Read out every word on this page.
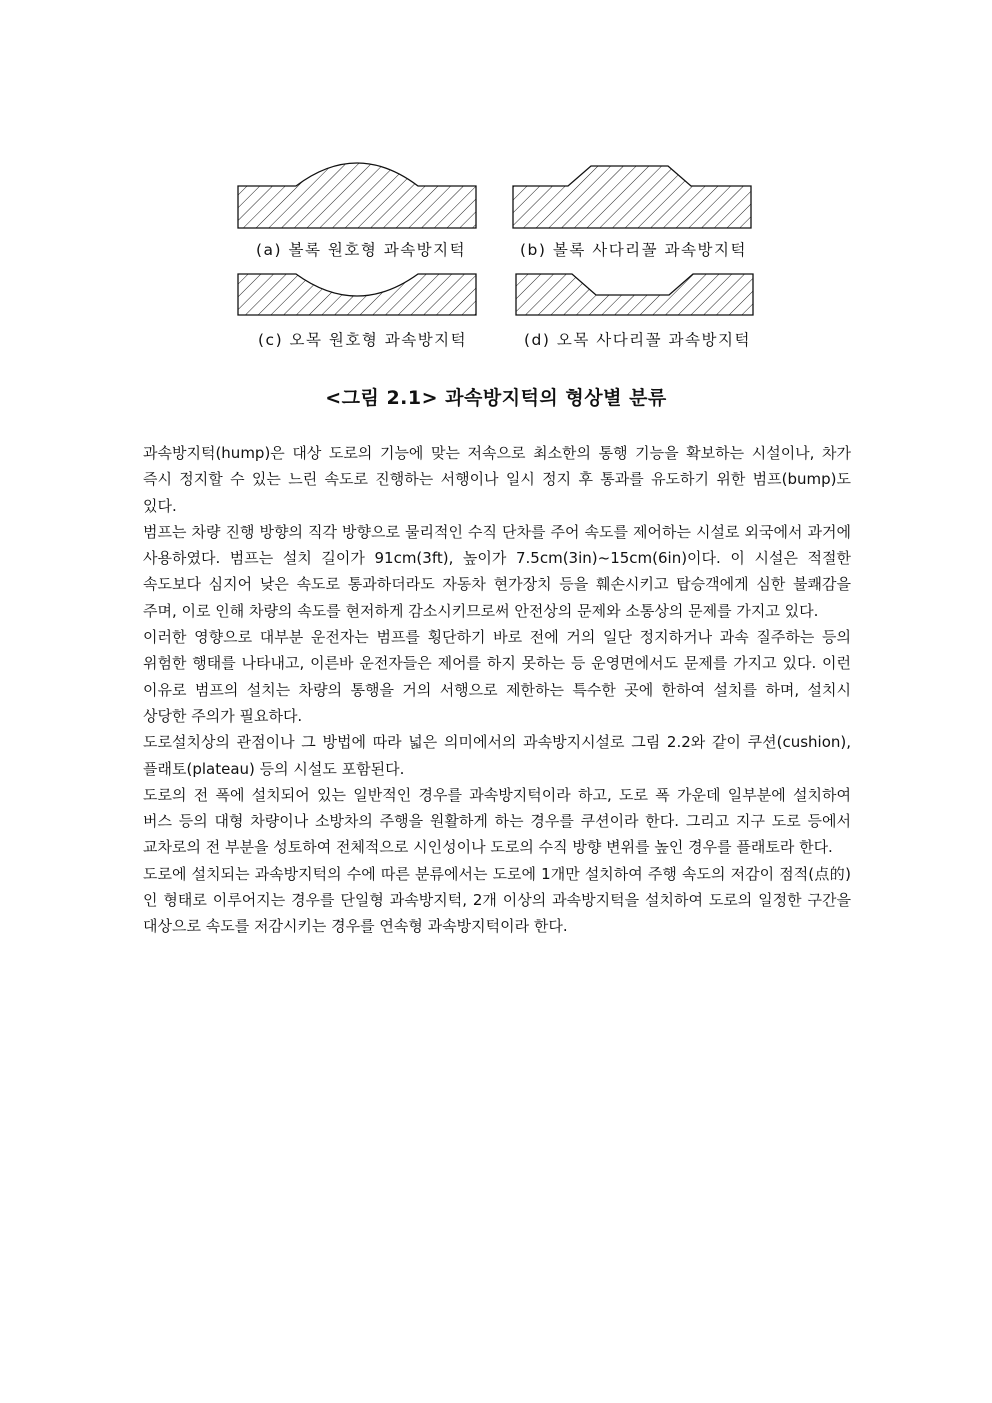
(a) 볼록 원호형 과속방지턱	(b) 볼록 사다리꼴 과속방지턱
(c) 오목 원호형 과속방지턱	(d) 오목 사다리꼴 과속방지턱
<그림 2.1> 과속방지턱의 형상별 분류

과속방지턱(hump)은 대상 도로의 기능에 맞는 저속으로 최소한의 통행 기능을 확보하는 시설이나, 차가 즉시 정지할 수 있는 느린 속도로 진행하는 서행이나 일시 정지 후 통과를 유도하기 위한 범프(bump)도 있다.

범프는 차량 진행 방향의 직각 방향으로 물리적인 수직 단차를 주어 속도를 제어하는 시설로 외국에서 과거에 사용하였다. 범프는 설치 길이가 91cm(3ft), 높이가 7.5cm(3in)~15cm(6in)이다. 이 시설은 적절한 속도보다 심지어 낮은 속도로 통과하더라도 자동차 현가장치 등을 훼손시키고 탑승객에게 심한 불쾌감을 주며, 이로 인해 차량의 속도를 현저하게 감소시키므로써 안전상의 문제와 소통상의 문제를 가지고 있다.

이러한 영향으로 대부분 운전자는 범프를 횡단하기 바로 전에 거의 일단 정지하거나 과속 질주하는 등의 위험한 행태를 나타내고, 이른바 운전자들은 제어를 하지 못하는 등 운영면에서도 문제를 가지고 있다. 이런 이유로 범프의 설치는 차량의 통행을 거의 서행으로 제한하는 특수한 곳에 한하여 설치를 하며, 설치시 상당한 주의가 필요하다.

도로설치상의 관점이나 그 방법에 따라 넓은 의미에서의 과속방지시설로 그림 2.2와 같이 쿠션(cushion), 플래토(plateau) 등의 시설도 포함된다.

도로의 전 폭에 설치되어 있는 일반적인 경우를 과속방지턱이라 하고, 도로 폭 가운데 일부분에 설치하여 버스 등의 대형 차량이나 소방차의 주행을 원활하게 하는 경우를 쿠션이라 한다. 그리고 지구 도로 등에서 교차로의 전 부분을 성토하여 전체적으로 시인성이나 도로의 수직 방향 변위를 높인 경우를 플래토라 한다.

도로에 설치되는 과속방지턱의 수에 따른 분류에서는 도로에 1개만 설치하여 주행 속도의 저감이 점적(点的)인 형태로 이루어지는 경우를 단일형 과속방지턱, 2개 이상의 과속방지턱을 설치하여 도로의 일정한 구간을 대상으로 속도를 저감시키는 경우를 연속형 과속방지턱이라 한다.
